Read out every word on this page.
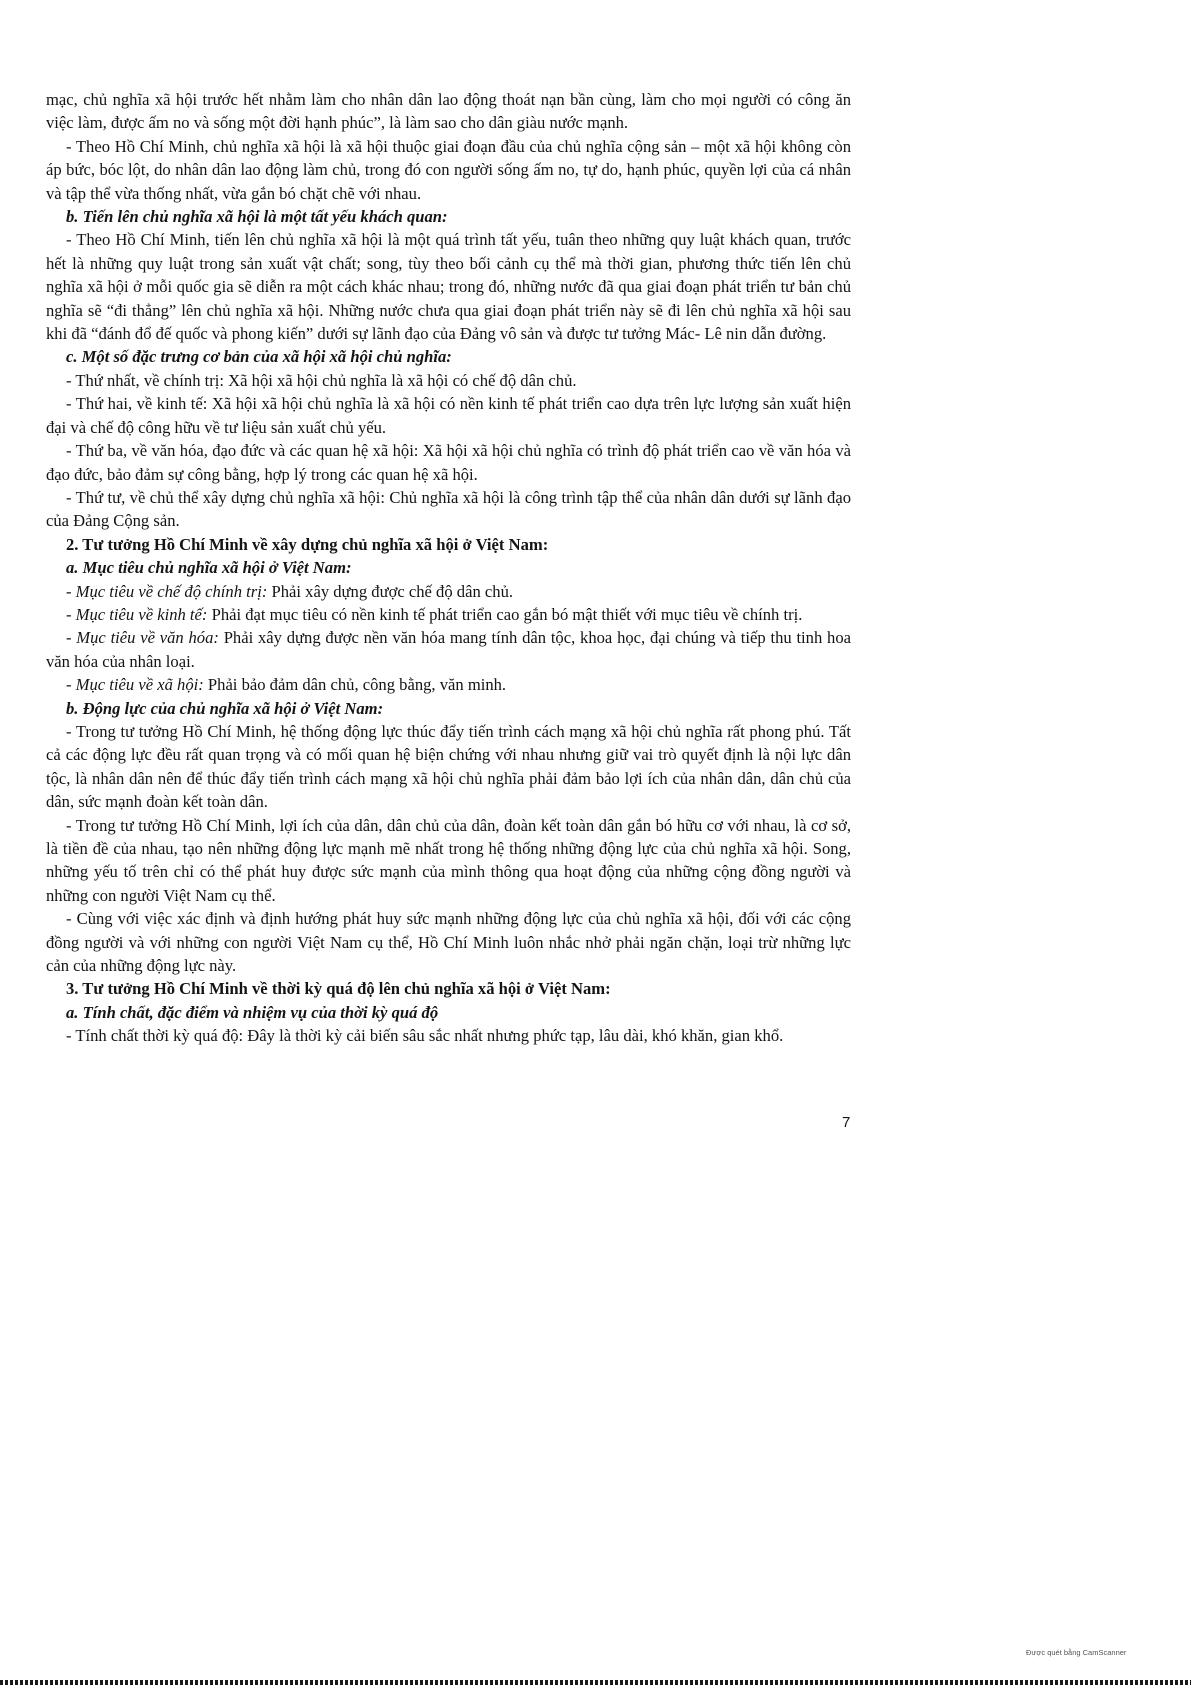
mạc, chủ nghĩa xã hội trước hết nhằm làm cho nhân dân lao động thoát nạn bần cùng, làm cho mọi người có công ăn việc làm, được ấm no và sống một đời hạnh phúc”, là làm sao cho dân giàu nước mạnh.

- Theo Hồ Chí Minh, chủ nghĩa xã hội là xã hội thuộc giai đoạn đầu của chủ nghĩa cộng sản – một xã hội không còn áp bức, bóc lột, do nhân dân lao động làm chủ, trong đó con người sống ấm no, tự do, hạnh phúc, quyền lợi của cá nhân và tập thể vừa thống nhất, vừa gắn bó chặt chẽ với nhau.

b. Tiến lên chủ nghĩa xã hội là một tất yếu khách quan:

- Theo Hồ Chí Minh, tiến lên chủ nghĩa xã hội là một quá trình tất yếu, tuân theo những quy luật khách quan, trước hết là những quy luật trong sản xuất vật chất; song, tùy theo bối cảnh cụ thể mà thời gian, phương thức tiến lên chủ nghĩa xã hội ở mỗi quốc gia sẽ diễn ra một cách khác nhau; trong đó, những nước đã qua giai đoạn phát triển tư bản chủ nghĩa sẽ “đi thẳng” lên chủ nghĩa xã hội. Những nước chưa qua giai đoạn phát triển này sẽ đi lên chủ nghĩa xã hội sau khi đã “đánh đổ đế quốc và phong kiến” dưới sự lãnh đạo của Đảng vô sản và được tư tưởng Mác- Lê nin dẫn đường.

c. Một số đặc trưng cơ bản của xã hội xã hội chủ nghĩa:

- Thứ nhất, về chính trị: Xã hội xã hội chủ nghĩa là xã hội có chế độ dân chủ.

- Thứ hai, về kinh tế: Xã hội xã hội chủ nghĩa là xã hội có nền kinh tế phát triển cao dựa trên lực lượng sản xuất hiện đại và chế độ công hữu về tư liệu sản xuất chủ yếu.

- Thứ ba, về văn hóa, đạo đức và các quan hệ xã hội: Xã hội xã hội chủ nghĩa có trình độ phát triển cao về văn hóa và đạo đức, bảo đảm sự công bằng, hợp lý trong các quan hệ xã hội.

- Thứ tư, về chủ thể xây dựng chủ nghĩa xã hội: Chủ nghĩa xã hội là công trình tập thể của nhân dân dưới sự lãnh đạo của Đảng Cộng sản.

2. Tư tưởng Hồ Chí Minh về xây dựng chủ nghĩa xã hội ở Việt Nam:

a. Mục tiêu chủ nghĩa xã hội ở Việt Nam:

- Mục tiêu về chế độ chính trị: Phải xây dựng được chế độ dân chủ.

- Mục tiêu về kinh tế: Phải đạt mục tiêu có nền kinh tế phát triển cao gắn bó mật thiết với mục tiêu về chính trị.

- Mục tiêu về văn hóa: Phải xây dựng được nền văn hóa mang tính dân tộc, khoa học, đại chúng và tiếp thu tinh hoa văn hóa của nhân loại.

- Mục tiêu về xã hội: Phải bảo đảm dân chủ, công bằng, văn minh.

b. Động lực của chủ nghĩa xã hội ở Việt Nam:

- Trong tư tưởng Hồ Chí Minh, hệ thống động lực thúc đẩy tiến trình cách mạng xã hội chủ nghĩa rất phong phú. Tất cả các động lực đều rất quan trọng và có mối quan hệ biện chứng với nhau nhưng giữ vai trò quyết định là nội lực dân tộc, là nhân dân nên để thúc đẩy tiến trình cách mạng xã hội chủ nghĩa phải đảm bảo lợi ích của nhân dân, dân chủ của dân, sức mạnh đoàn kết toàn dân.

- Trong tư tưởng Hồ Chí Minh, lợi ích của dân, dân chủ của dân, đoàn kết toàn dân gắn bó hữu cơ với nhau, là cơ sở, là tiền đề của nhau, tạo nên những động lực mạnh mẽ nhất trong hệ thống những động lực của chủ nghĩa xã hội. Song, những yếu tố trên chỉ có thể phát huy được sức mạnh của mình thông qua hoạt động của những cộng đồng người và những con người Việt Nam cụ thể.

- Cùng với việc xác định và định hướng phát huy sức mạnh những động lực của chủ nghĩa xã hội, đối với các cộng đồng người và với những con người Việt Nam cụ thể, Hồ Chí Minh luôn nhắc nhở phải ngăn chặn, loại trừ những lực cản của những động lực này.

3. Tư tưởng Hồ Chí Minh về thời kỳ quá độ lên chủ nghĩa xã hội ở Việt Nam:

a. Tính chất, đặc điểm và nhiệm vụ của thời kỳ quá độ

- Tính chất thời kỳ quá độ: Đây là thời kỳ cải biến sâu sắc nhất nhưng phức tạp, lâu dài, khó khăn, gian khổ.

7
Được quét bằng CamScanner
